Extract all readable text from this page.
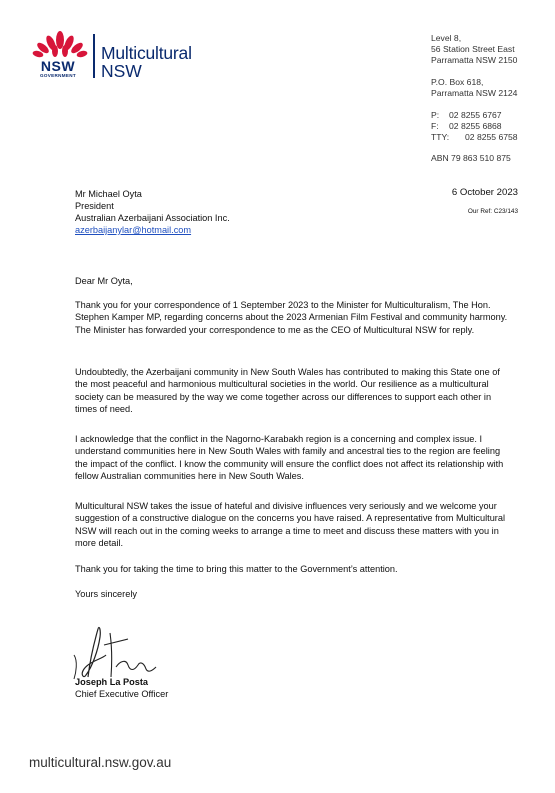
NSW
GOVERNMENT
Multicultural
NSW
Level 8,
56 Station Street East
Parramatta NSW 2150
P.O. Box 618,
Parramatta NSW 2124
P: 02 8255 6767
F: 02 8255 6868
TTY: 02 8255 6758
ABN 79 863 510 875
Mr Michael Oyta
President
Australian Azerbaijani Association Inc.
azerbaijanylar@hotmail.com
6 October 2023
Our Ref: C23/143
Dear Mr Oyta,
Thank you for your correspondence of 1 September 2023 to the Minister for Multiculturalism, The Hon. Stephen Kamper MP, regarding concerns about the 2023 Armenian Film Festival and community harmony. The Minister has forwarded your correspondence to me as the CEO of Multicultural NSW for reply.
Undoubtedly, the Azerbaijani community in New South Wales has contributed to making this State one of the most peaceful and harmonious multicultural societies in the world. Our resilience as a multicultural society can be measured by the way we come together across our differences to support each other in times of need.
I acknowledge that the conflict in the Nagorno-Karabakh region is a concerning and complex issue. I understand communities here in New South Wales with family and ancestral ties to the region are feeling the impact of the conflict. I know the community will ensure the conflict does not affect its relationship with fellow Australian communities here in New South Wales.
Multicultural NSW takes the issue of hateful and divisive influences very seriously and we welcome your suggestion of a constructive dialogue on the concerns you have raised. A representative from Multicultural NSW will reach out in the coming weeks to arrange a time to meet and discuss these matters with you in more detail.
Thank you for taking the time to bring this matter to the Government’s attention.
Yours sincerely
Joseph La Posta
Chief Executive Officer
multicultural.nsw.gov.au
